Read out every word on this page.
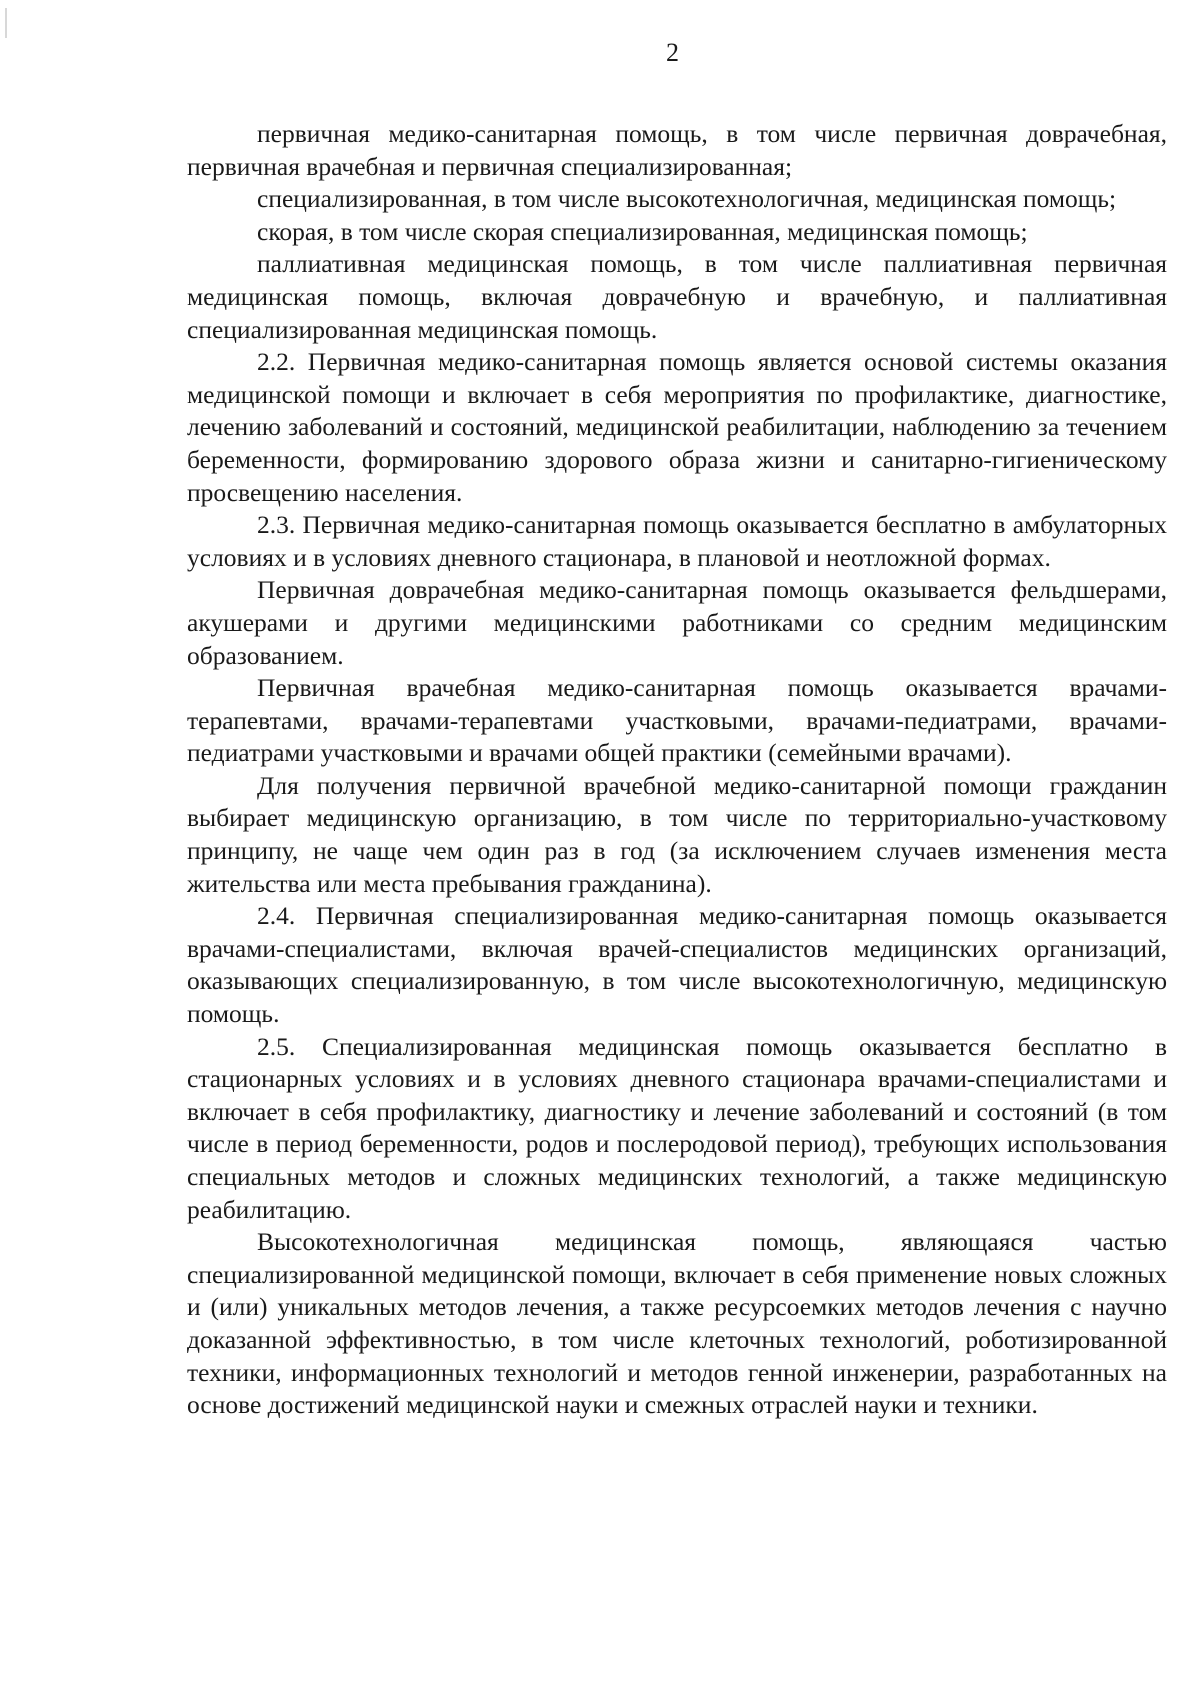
2

первичная медико-санитарная помощь, в том числе первичная доврачебная, первичная врачебная и первичная специализированная;

специализированная, в том числе высокотехнологичная, медицинская помощь;

скорая, в том числе скорая специализированная, медицинская помощь;

паллиативная медицинская помощь, в том числе паллиативная первичная медицинская помощь, включая доврачебную и врачебную, и паллиативная специализированная медицинская помощь.

2.2. Первичная медико-санитарная помощь является основой системы оказания медицинской помощи и включает в себя мероприятия по профилактике, диагностике, лечению заболеваний и состояний, медицинской реабилитации, наблюдению за течением беременности, формированию здорового образа жизни и санитарно-гигиеническому просвещению населения.

2.3. Первичная медико-санитарная помощь оказывается бесплатно в амбулаторных условиях и в условиях дневного стационара, в плановой и неотложной формах.

Первичная доврачебная медико-санитарная помощь оказывается фельдшерами, акушерами и другими медицинскими работниками со средним медицинским образованием.

Первичная врачебная медико-санитарная помощь оказывается врачами-терапевтами, врачами-терапевтами участковыми, врачами-педиатрами, врачами-педиатрами участковыми и врачами общей практики (семейными врачами).

Для получения первичной врачебной медико-санитарной помощи гражданин выбирает медицинскую организацию, в том числе по территориально-участковому принципу, не чаще чем один раз в год (за исключением случаев изменения места жительства или места пребывания гражданина).

2.4. Первичная специализированная медико-санитарная помощь оказывается врачами-специалистами, включая врачей-специалистов медицинских организаций, оказывающих специализированную, в том числе высокотехнологичную, медицинскую помощь.

2.5. Специализированная медицинская помощь оказывается бесплатно в стационарных условиях и в условиях дневного стационара врачами-специалистами и включает в себя профилактику, диагностику и лечение заболеваний и состояний (в том числе в период беременности, родов и послеродовой период), требующих использования специальных методов и сложных медицинских технологий, а также медицинскую реабилитацию.

Высокотехнологичная медицинская помощь, являющаяся частью специализированной медицинской помощи, включает в себя применение новых сложных и (или) уникальных методов лечения, а также ресурсоемких методов лечения с научно доказанной эффективностью, в том числе клеточных технологий, роботизированной техники, информационных технологий и методов генной инженерии, разработанных на основе достижений медицинской науки и смежных отраслей науки и техники.
